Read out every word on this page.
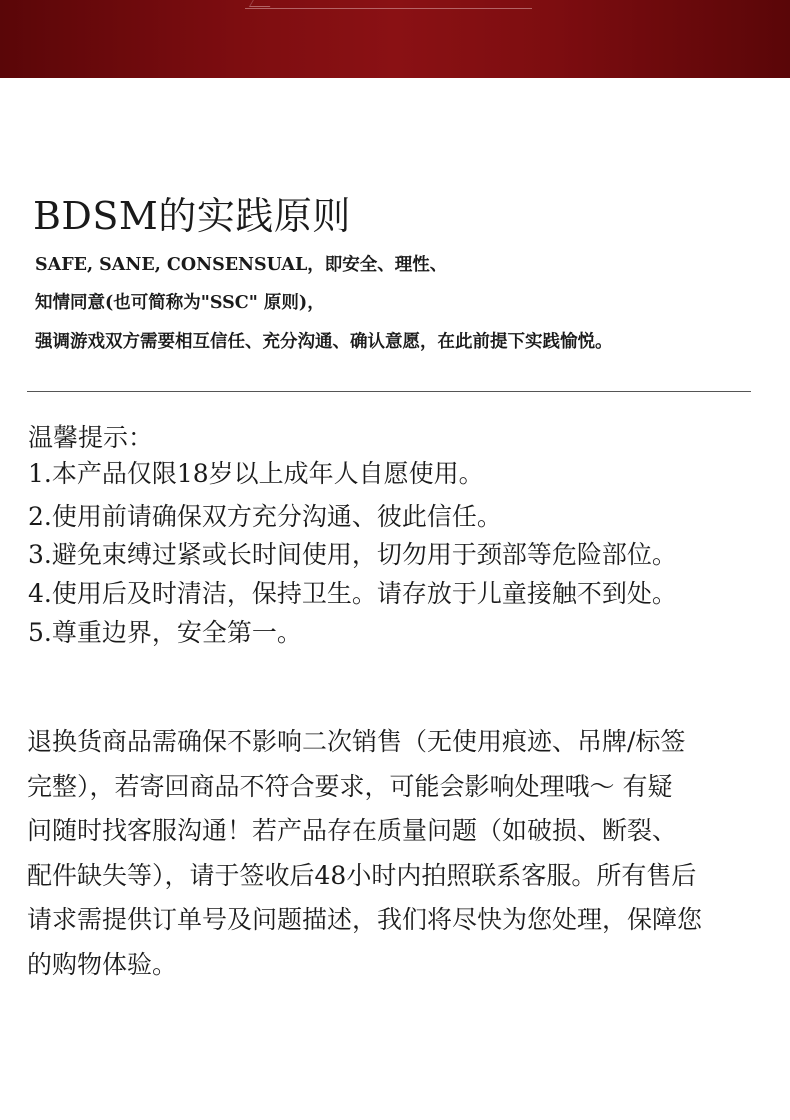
BDSM的实践原则

SAFE, SANE, CONSENSUAL，即安全、理性、

知情同意(也可简称为"SSC" 原则)，

强调游戏双方需要相互信任、充分沟通、确认意愿，在此前提下实践愉悦。

温馨提示：

1.本产品仅限18岁以上成年人自愿使用。

2.使用前请确保双方充分沟通、彼此信任。

3.避免束缚过紧或长时间使用，切勿用于颈部等危险部位。

4.使用后及时清洁，保持卫生。请存放于儿童接触不到处。

5.尊重边界，安全第一。

退换货商品需确保不影响二次销售（无使用痕迹、吊牌/标签
完整），若寄回商品不符合要求，可能会影响处理哦～ 有疑
问随时找客服沟通！若产品存在质量问题（如破损、断裂、
配件缺失等），请于签收后48小时内拍照联系客服。所有售后
请求需提供订单号及问题描述，我们将尽快为您处理，保障您
的购物体验。
